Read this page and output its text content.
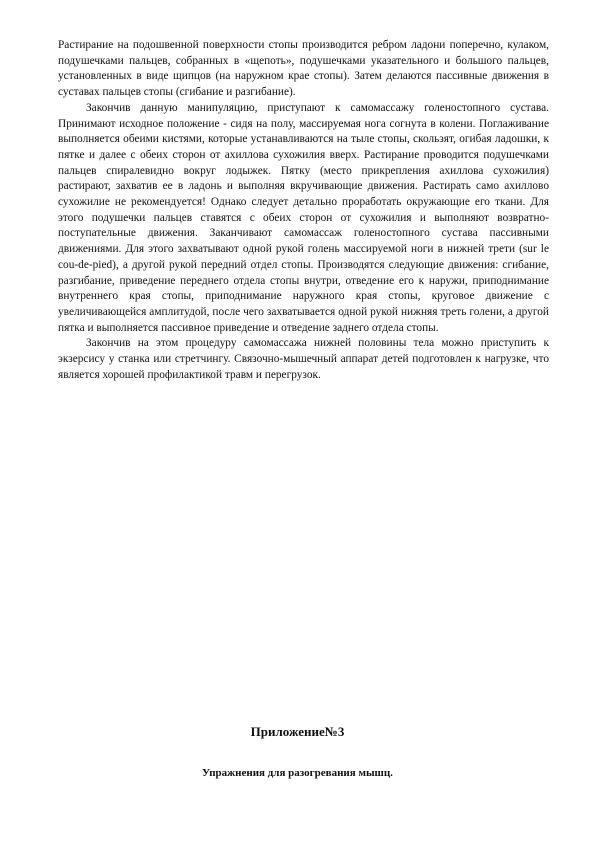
Растирание на подошвенной поверхности стопы производится ребром ладони поперечно, кулаком, подушечками пальцев, собранных в «щепоть», подушечками указательного и большого пальцев, установленных в виде щипцов (на наружном крае стопы). Затем делаются пассивные движения в суставах пальцев стопы (сгибание и разгибание).

Закончив данную манипуляцию, приступают к самомассажу голеностопного сустава. Принимают исходное положение - сидя на полу, массируемая нога согнута в колени. Поглаживание выполняется обеими кистями, которые устанавливаются на тыле стопы, скользят, огибая ладошки, к пятке и далее с обеих сторон от ахиллова сухожилия вверх. Растирание проводится подушечками пальцев спиралевидно вокруг лодыжек. Пятку (место прикрепления ахиллова сухожилия) растирают, захватив ее в ладонь и выполняя вкручивающие движения. Растирать само ахиллово сухожилие не рекомендуется! Однако следует детально проработать окружающие его ткани. Для этого подушечки пальцев ставятся с обеих сторон от сухожилия и выполняют возвратно- поступательные движения. Заканчивают самомассаж голеностопного сустава пассивными движениями. Для этого захватывают одной рукой голень массируемой ноги в нижней трети (sur le cou-de-pied), а другой рукой передний отдел стопы. Производятся следующие движения: сгибание, разгибание, приведение переднего отдела стопы внутри, отведение его к наружи, приподнимание внутреннего края стопы, приподнимание наружного края стопы, круговое движение с увеличивающейся амплитудой, после чего захватывается одной рукой нижняя треть голени, а другой пятка и выполняется пассивное приведение и отведение заднего отдела стопы.

Закончив на этом процедуру самомассажа нижней половины тела можно приступить к экзерсису у станка или стретчингу. Связочно-мышечный аппарат детей подготовлен к нагрузке, что является хорошей профилактикой травм и перегрузок.

Приложение№3
Упражнения для разогревания мышц.
